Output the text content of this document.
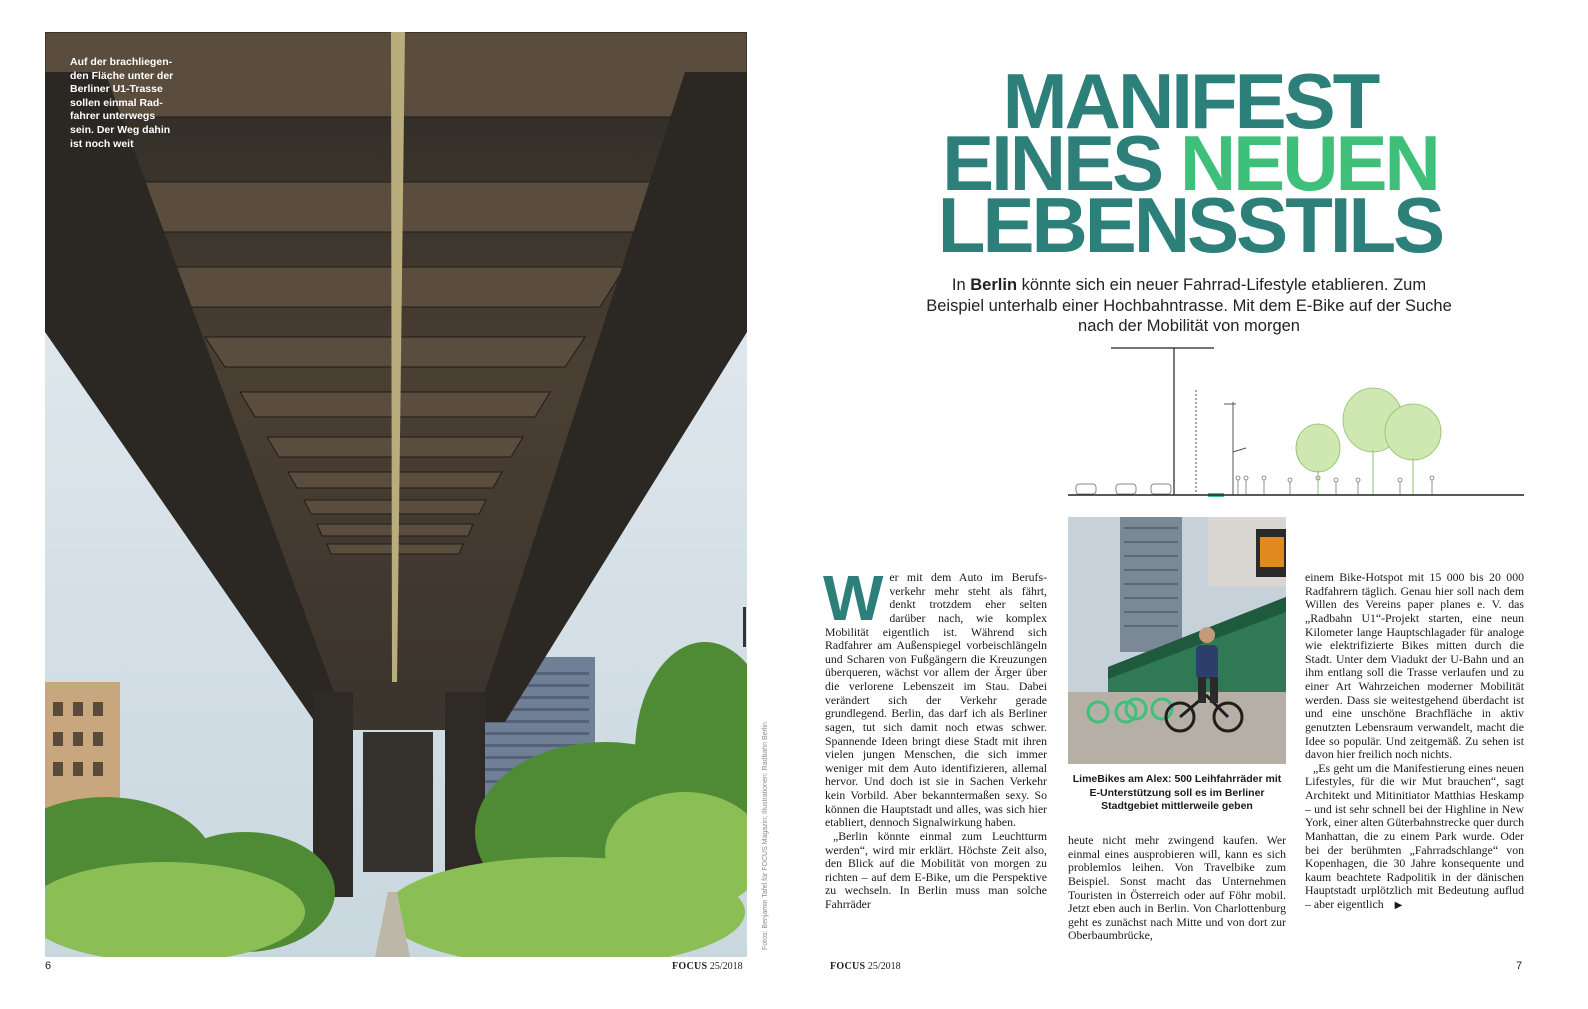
Auf der brachliegen-den Fläche unter der Berliner U1-Trasse sollen einmal Rad-fahrer unterwegs sein. Der Weg dahin ist noch weit
Fotos: Benjamin Tafel für FOCUS Magazin; Illustrationen: Radbahn Berlin
6	FOCUS 25/2018
MANIFEST
EINES NEUEN
LEBENSSTILS
In Berlin könnte sich ein neuer Fahrrad-Lifestyle etablieren. Zum Beispiel unterhalb einer Hochbahntrasse. Mit dem E-Bike auf der Suche nach der Mobilität von morgen
W er mit dem Auto im Berufs-verkehr mehr steht als fährt, denkt trotzdem eher selten darüber nach, wie komplex Mobilität eigentlich ist. Während sich Radfahrer am Außenspiegel vorbeischlängeln und Scharen von Fußgängern die Kreuzungen überqueren, wächst vor allem der Ärger über die verlorene Lebenszeit im Stau. Dabei verändert sich der Verkehr gerade grundlegend. Berlin, das darf ich als Berliner sagen, tut sich damit noch etwas schwer. Spannende Ideen bringt diese Stadt mit ihren vielen jungen Menschen, die sich immer weniger mit dem Auto identifizieren, allemal hervor. Und doch ist sie in Sachen Verkehr kein Vorbild. Aber bekanntermaßen sexy. So können die Hauptstadt und alles, was sich hier etabliert, dennoch Signalwirkung haben.

„Berlin könnte einmal zum Leuchtturm werden“, wird mir erklärt. Höchste Zeit also, den Blick auf die Mobilität von morgen zu richten – auf dem E-Bike, um die Perspektive zu wechseln. In Berlin muss man solche Fahrräder

LimeBikes am Alex: 500 Leihfahrräder mit E-Unterstützung soll es im Berliner Stadtgebiet mittlerweile geben

heute nicht mehr zwingend kaufen. Wer einmal eines ausprobieren will, kann es sich problemlos leihen. Von Travelbike zum Beispiel. Sonst macht das Unternehmen Touristen in Österreich oder auf Föhr mobil. Jetzt eben auch in Berlin. Von Charlottenburg geht es zunächst nach Mitte und von dort zur Oberbaumbrücke,

einem Bike-Hotspot mit 15 000 bis 20 000 Radfahrern täglich. Genau hier soll nach dem Willen des Vereins paper planes e. V. das „Radbahn U1“-Projekt starten, eine neun Kilometer lange Hauptschlagader für analoge wie elektrifizierte Bikes mitten durch die Stadt. Unter dem Viadukt der U-Bahn und an ihm entlang soll die Trasse verlaufen und zu einer Art Wahrzeichen moderner Mobilität werden. Dass sie weitestgehend überdacht ist und eine unschöne Brachfläche in aktiv genutzten Lebensraum verwandelt, macht die Idee so populär. Und zeitgemäß. Zu sehen ist davon hier freilich noch nichts.

„Es geht um die Manifestierung eines neuen Lifestyles, für die wir Mut brauchen“, sagt Architekt und Mitinitiator Matthias Heskamp – und ist sehr schnell bei der Highline in New York, einer alten Güterbahnstrecke quer durch Manhattan, die zu einem Park wurde. Oder bei der berühmten „Fahrradschlange“ von Kopenhagen, die 30 Jahre konsequente und kaum beachtete Radpolitik in der dänischen Hauptstadt urplötzlich mit Bedeutung auflud – aber eigentlich ▶

FOCUS 25/2018	7
